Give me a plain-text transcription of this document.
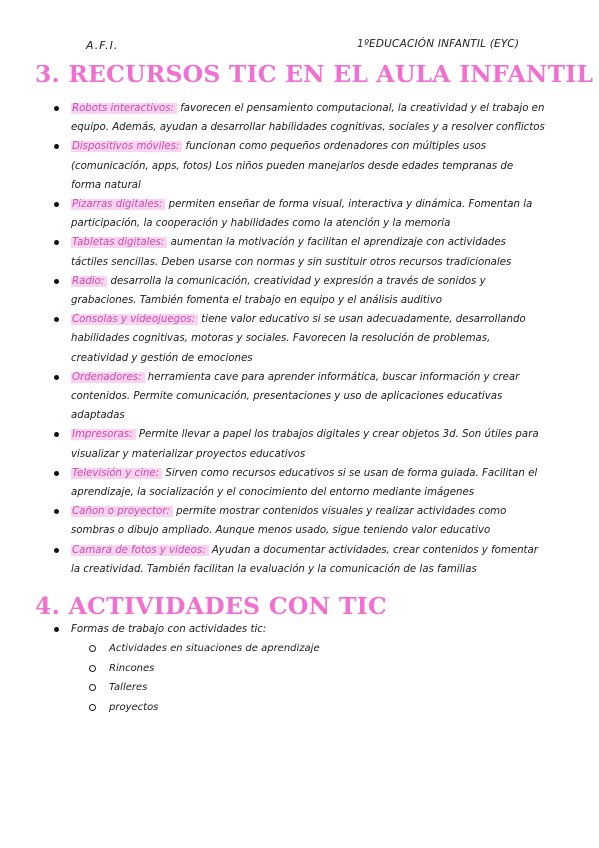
A.F.I.	1ºEDUCACIÓN INFANTIL (EYC)
3. RECURSOS TIC EN EL AULA INFANTIL
Robots interactivos: favorecen el pensamiento computacional, la creatividad y el trabajo en equipo. Además, ayudan a desarrollar habilidades cognitivas, sociales y a resolver conflictos
Dispositivos móviles: funcionan como pequeños ordenadores con múltiples usos (comunicación, apps, fotos) Los niños pueden manejarlos desde edades tempranas de forma natural
Pizarras digitales: permiten enseñar de forma visual, interactiva y dinámica. Fomentan la participación, la cooperación y habilidades como la atención y la memoria
Tabletas digitales: aumentan la motivación y facilitan el aprendizaje con actividades táctiles sencillas. Deben usarse con normas y sin sustituir otros recursos tradicionales
Radio: desarrolla la comunicación, creatividad y expresión a través de sonidos y grabaciones. También fomenta el trabajo en equipo y el análisis auditivo
Consolas y videojuegos: tiene valor educativo si se usan adecuadamente, desarrollando habilidades cognitivas, motoras y sociales. Favorecen la resolución de problemas, creatividad y gestión de emociones
Ordenadores: herramienta cave para aprender informática, buscar información y crear contenidos. Permite comunicación, presentaciones y uso de aplicaciones educativas adaptadas
Impresoras: Permite llevar a papel los trabajos digitales y crear objetos 3d. Son útiles para visualizar y materializar proyectos educativos
Televisión y cine: Sirven como recursos educativos si se usan de forma guiada. Facilitan el aprendizaje, la socialización y el conocimiento del entorno mediante imágenes
Cañon o proyector: permite mostrar contenidos visuales y realizar actividades como sombras o dibujo ampliado. Aunque menos usado, sigue teniendo valor educativo
Camara de fotos y videos: Ayudan a documentar actividades, crear contenidos y fomentar la creatividad. También facilitan la evaluación y la comunicación de las familias
4. ACTIVIDADES CON TIC
Formas de trabajo con actividades tic:
Actividades en situaciones de aprendizaje
Rincones
Talleres
proyectos
